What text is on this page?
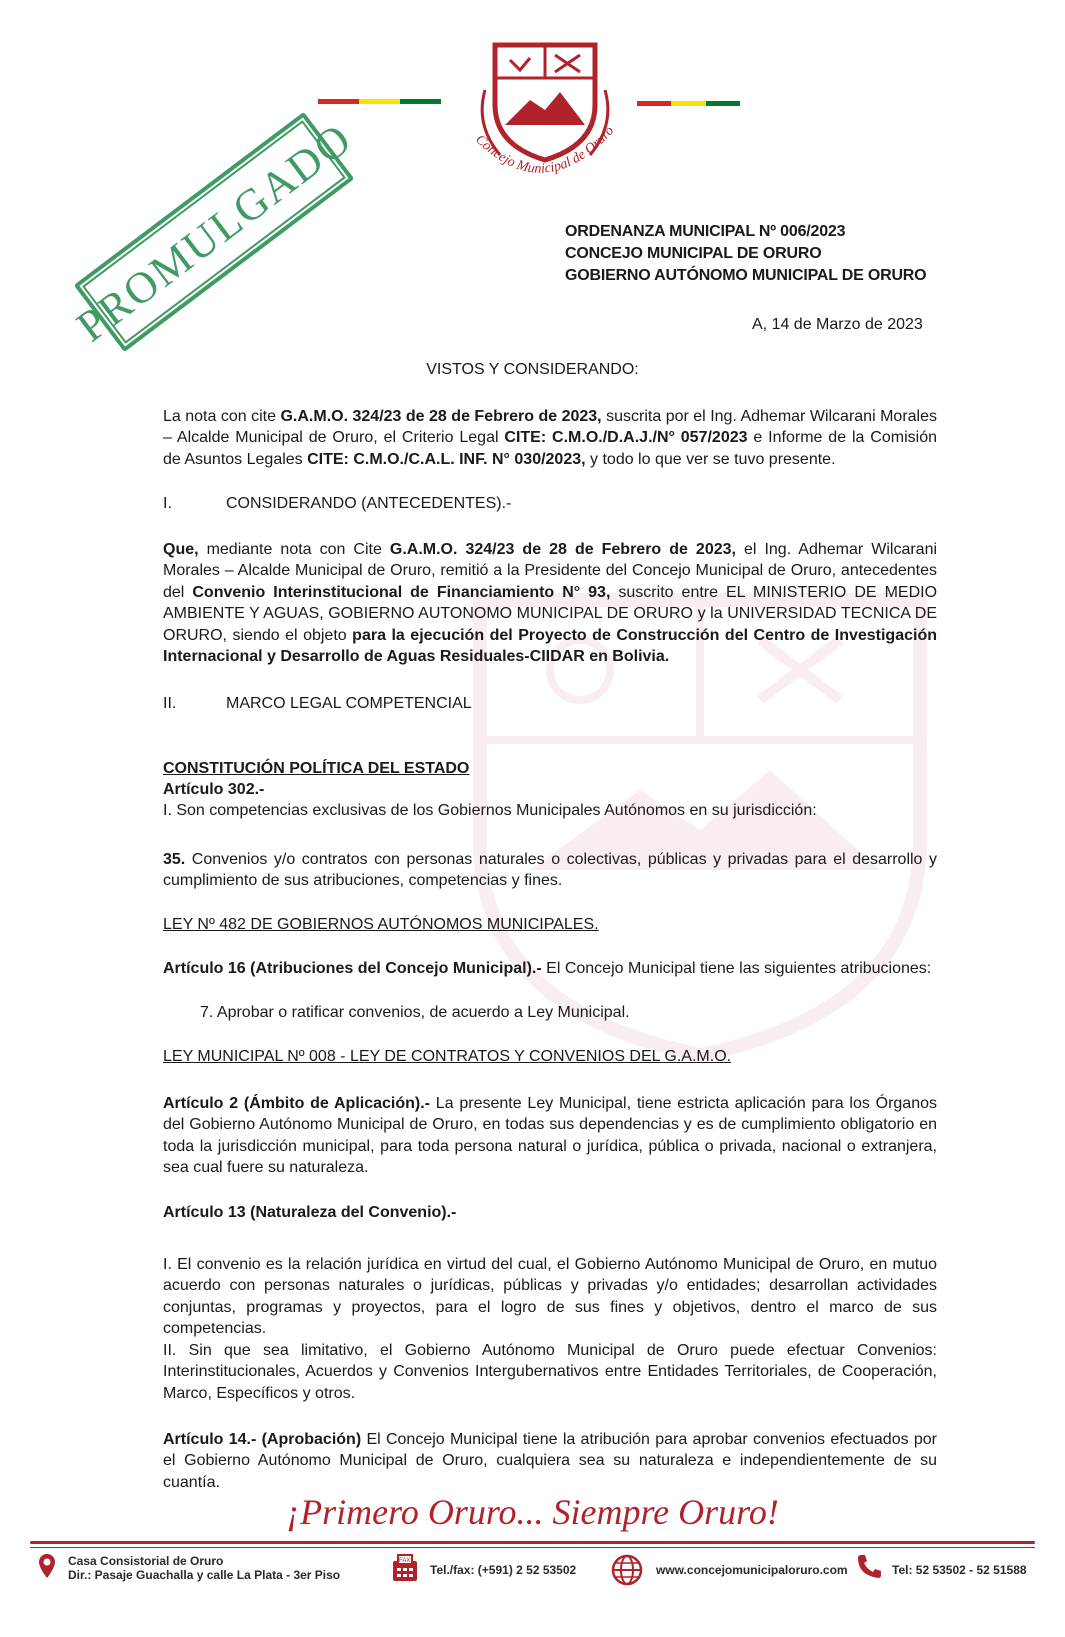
Concejo Municipal de Oruro
PROMULGADO	ORDENANZA MUNICIPAL Nº 006/2023
CONCEJO MUNICIPAL DE ORURO
GOBIERNO AUTÓNOMO MUNICIPAL DE ORURO
A, 14 de Marzo de 2023
VISTOS Y CONSIDERANDO:
La nota con cite G.A.M.O. 324/23 de 28 de Febrero de 2023, suscrita por el Ing. Adhemar Wilcarani Morales – Alcalde Municipal de Oruro, el Criterio Legal CITE: C.M.O./D.A.J./N° 057/2023 e Informe de la Comisión de Asuntos Legales CITE: C.M.O./C.A.L. INF. N° 030/2023, y todo lo que ver se tuvo presente.
I.	CONSIDERANDO (ANTECEDENTES).-
Que, mediante nota con Cite G.A.M.O. 324/23 de 28 de Febrero de 2023, el Ing. Adhemar Wilcarani Morales – Alcalde Municipal de Oruro, remitió a la Presidente del Concejo Municipal de Oruro, antecedentes del Convenio Interinstitucional de Financiamiento N° 93, suscrito entre EL MINISTERIO DE MEDIO AMBIENTE Y AGUAS, GOBIERNO AUTONOMO MUNICIPAL DE ORURO y la UNIVERSIDAD TECNICA DE ORURO, siendo el objeto para la ejecución del Proyecto de Construcción del Centro de Investigación Internacional y Desarrollo de Aguas Residuales-CIIDAR en Bolivia.
II.	MARCO LEGAL COMPETENCIAL
CONSTITUCIÓN POLÍTICA DEL ESTADO
Artículo 302.-
I. Son competencias exclusivas de los Gobiernos Municipales Autónomos en su jurisdicción:
35. Convenios y/o contratos con personas naturales o colectivas, públicas y privadas para el desarrollo y cumplimiento de sus atribuciones, competencias y fines.
LEY Nº 482 DE GOBIERNOS AUTÓNOMOS MUNICIPALES.
Artículo 16 (Atribuciones del Concejo Municipal).- El Concejo Municipal tiene las siguientes atribuciones:
7. Aprobar o ratificar convenios, de acuerdo a Ley Municipal.
LEY MUNICIPAL Nº 008 - LEY DE CONTRATOS Y CONVENIOS DEL G.A.M.O.
Artículo 2 (Ámbito de Aplicación).- La presente Ley Municipal, tiene estricta aplicación para los Órganos del Gobierno Autónomo Municipal de Oruro, en todas sus dependencias y es de cumplimiento obligatorio en toda la jurisdicción municipal, para toda persona natural o jurídica, pública o privada, nacional o extranjera, sea cual fuere su naturaleza.
Artículo 13 (Naturaleza del Convenio).-
I. El convenio es la relación jurídica en virtud del cual, el Gobierno Autónomo Municipal de Oruro, en mutuo acuerdo con personas naturales o jurídicas, públicas y privadas y/o entidades; desarrollan actividades conjuntas, programas y proyectos, para el logro de sus fines y objetivos, dentro el marco de sus competencias.
II. Sin que sea limitativo, el Gobierno Autónomo Municipal de Oruro puede efectuar Convenios: Interinstitucionales, Acuerdos y Convenios Intergubernativos entre Entidades Territoriales, de Cooperación, Marco, Específicos y otros.
Artículo 14.- (Aprobación) El Concejo Municipal tiene la atribución para aprobar convenios efectuados por el Gobierno Autónomo Municipal de Oruro, cualquiera sea su naturaleza e independientemente de su cuantía.
¡Primero Oruro... Siempre Oruro!
Casa Consistorial de Oruro
Dir.: Pasaje Guachalla y calle La Plata - 3er Piso
FAX
Tel./fax: (+591) 2 52 53502	www.concejomunicipaloruro.com	Tel: 52 53502 - 52 51588
